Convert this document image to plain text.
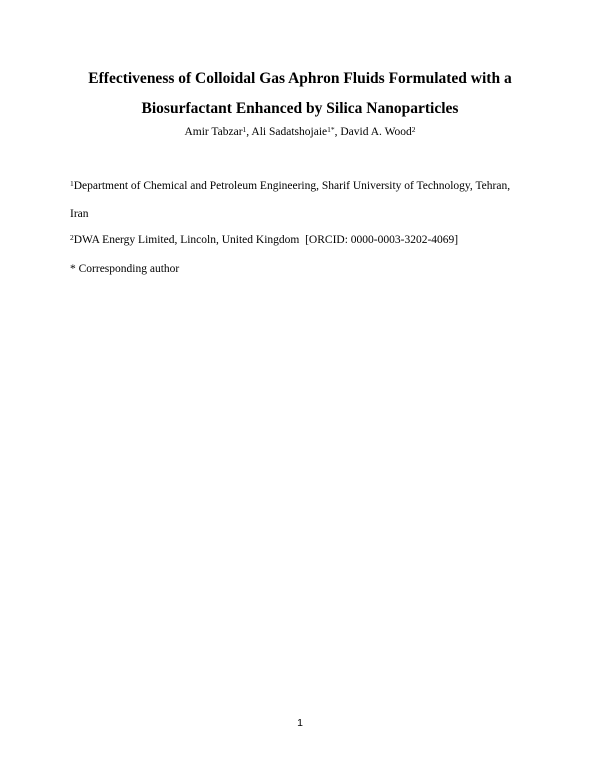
Effectiveness of Colloidal Gas Aphron Fluids Formulated with a
Biosurfactant Enhanced by Silica Nanoparticles
Amir Tabzar$^1$, Ali Sadatshojaie$^{1*}$, David A. Wood$^2$
$^1$Department of Chemical and Petroleum Engineering, Sharif University of Technology, Tehran,
Iran
$^2$DWA Energy Limited, Lincoln, United Kingdom  [ORCID: 0000-0003-3202-4069]
* Corresponding author
1
